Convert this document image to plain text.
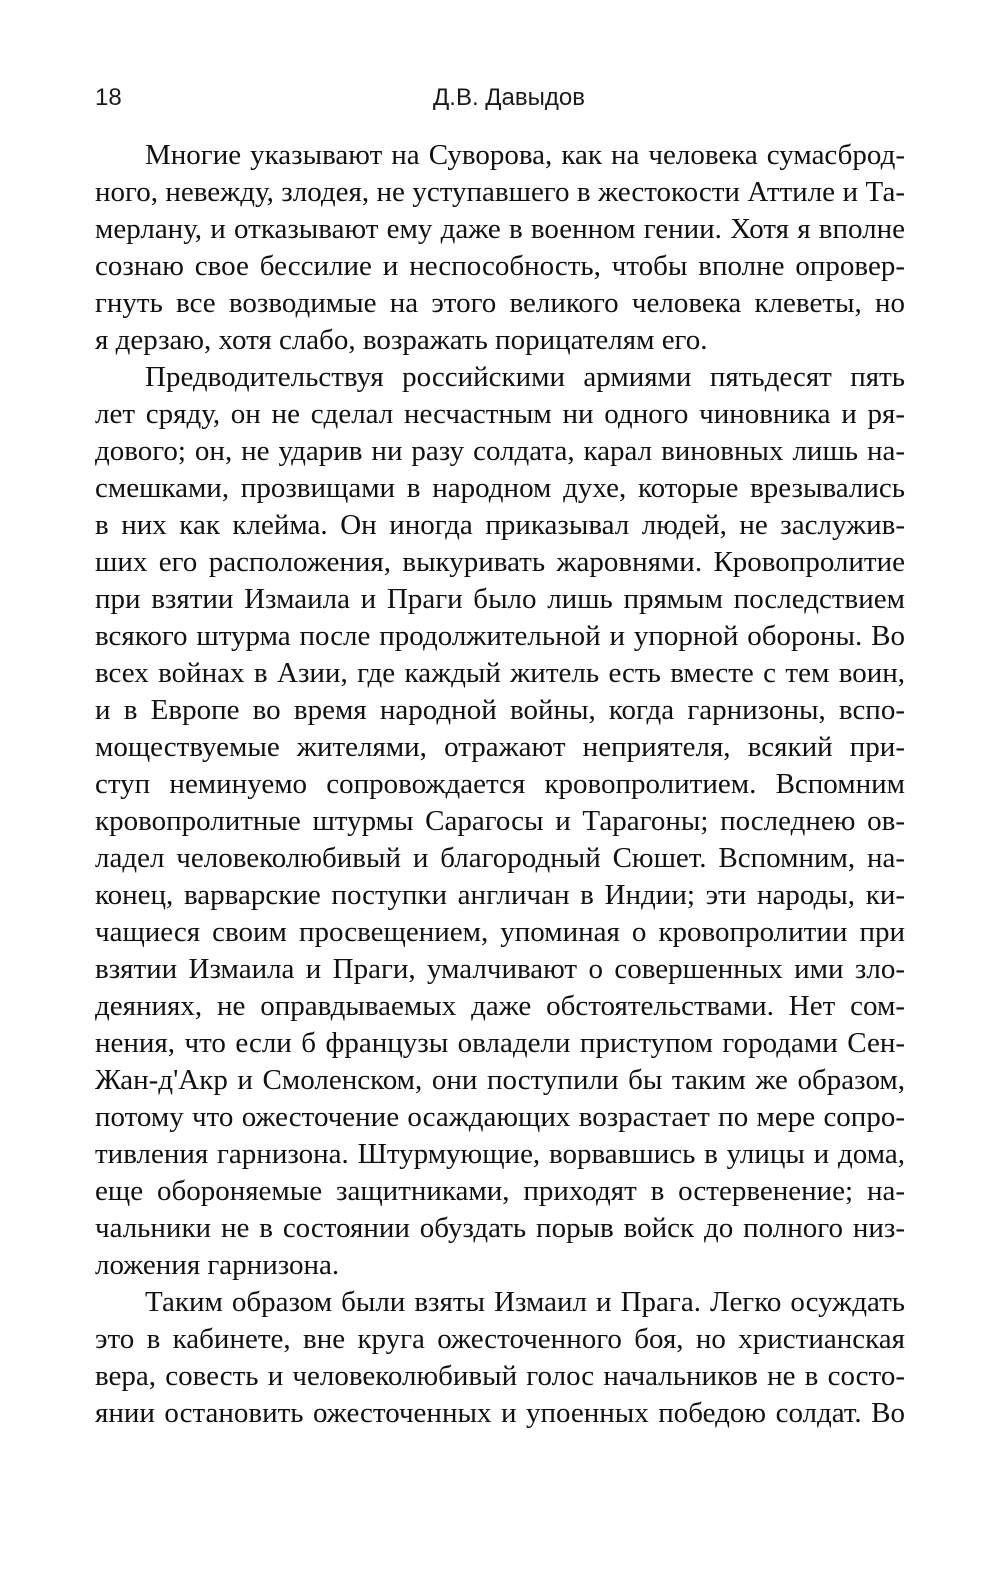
18	Д.В. Давыдов
Многие указывают на Суворова, как на человека сумасброд-
ного, невежду, злодея, не уступавшего в жестокости Аттиле и Та-
мерлану, и отказывают ему даже в военном гении. Хотя я вполне
сознаю свое бессилие и неспособность, чтобы вполне опровер-
гнуть все возводимые на этого великого человека клеветы, но
я дерзаю, хотя слабо, возражать порицателям его.
Предводительствуя российскими армиями пятьдесят пять
лет сряду, он не сделал несчастным ни одного чиновника и ря-
дового; он, не ударив ни разу солдата, карал виновных лишь на-
смешками, прозвищами в народном духе, которые врезывались
в них как клейма. Он иногда приказывал людей, не заслужив-
ших его расположения, выкуривать жаровнями. Кровопролитие
при взятии Измаила и Праги было лишь прямым последствием
всякого штурма после продолжительной и упорной обороны. Во
всех войнах в Азии, где каждый житель есть вместе с тем воин,
и в Европе во время народной войны, когда гарнизоны, вспо-
моществуемые жителями, отражают неприятеля, всякий при-
ступ неминуемо сопровождается кровопролитием. Вспомним
кровопролитные штурмы Сарагосы и Тарагоны; последнею ов-
ладел человеколюбивый и благородный Сюшет. Вспомним, на-
конец, варварские поступки англичан в Индии; эти народы, ки-
чащиеся своим просвещением, упоминая о кровопролитии при
взятии Измаила и Праги, умалчивают о совершенных ими зло-
деяниях, не оправдываемых даже обстоятельствами. Нет сом-
нения, что если б французы овладели приступом городами Сен-
Жан-д'Акр и Смоленском, они поступили бы таким же образом,
потому что ожесточение осаждающих возрастает по мере сопро-
тивления гарнизона. Штурмующие, ворвавшись в улицы и дома,
еще обороняемые защитниками, приходят в остервенение; на-
чальники не в состоянии обуздать порыв войск до полного низ-
ложения гарнизона.
Таким образом были взяты Измаил и Прага. Легко осуждать
это в кабинете, вне круга ожесточенного боя, но христианская
вера, совесть и человеколюбивый голос начальников не в состо-
янии остановить ожесточенных и упоенных победою солдат. Во
